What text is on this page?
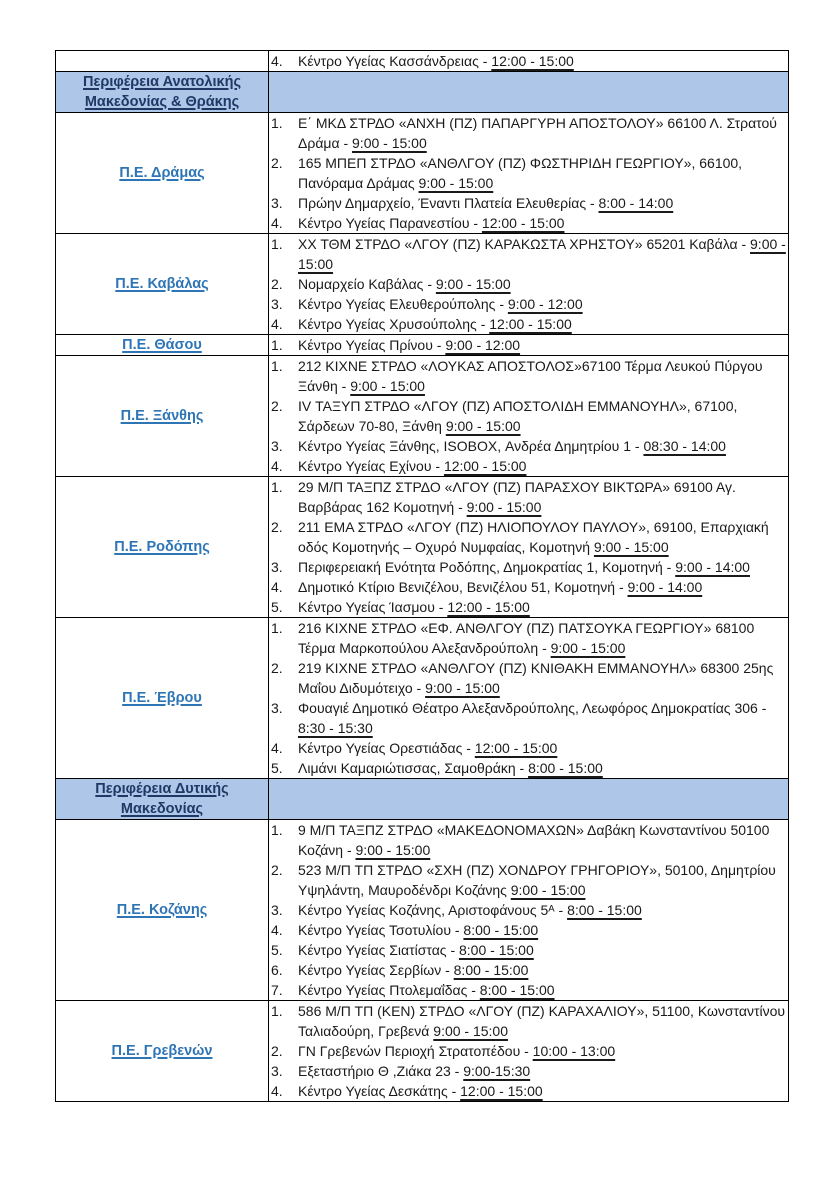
	4. Κέντρο Υγείας Κασσάνδρειας - 12:00 - 15:00

Περιφέρεια Ανατολικής Μακεδονίας & Θράκης	
Π.Ε. Δράμας	
1.	Ε΄ ΜΚΔ ΣΤΡΔΟ «ΑΝΧΗ (ΠΖ) ΠΑΠΑΡΓΥΡΗ ΑΠΟΣΤΟΛΟΥ» 66100 Λ. Στρατού Δράμα - 9:00 - 15:00
2.	165 ΜΠΕΠ ΣΤΡΔΟ «ΑΝΘΛΓΟΥ (ΠΖ) ΦΩΣΤΗΡΙΔΗ ΓΕΩΡΓΙΟΥ», 66100, Πανόραμα Δράμας 9:00 - 15:00
3.	Πρώην Δημαρχείο, Έναντι Πλατεία Ελευθερίας - 8:00 - 14:00
4.	Κέντρο Υγείας Παρανεστίου - 12:00 - 15:00

Π.Ε. Καβάλας	
1.	ΧΧ ΤΘΜ ΣΤΡΔΟ «ΛΓΟΥ (ΠΖ) ΚΑΡΑΚΩΣΤΑ ΧΡΗΣΤΟΥ» 65201 Καβάλα - 9:00 - 15:00
2.	Νομαρχείο Καβάλας - 9:00 - 15:00
3.	Κέντρο Υγείας Ελευθερούπολης - 9:00 - 12:00
4.	Κέντρο Υγείας Χρυσούπολης - 12:00 - 15:00

Π.Ε. Θάσου	1. Κέντρο Υγείας Πρίνου - 9:00 - 12:00

Π.Ε. Ξάνθης	
1.	212 ΚΙΧΝΕ ΣΤΡΔΟ «ΛΟΥΚΑΣ ΑΠΟΣΤΟΛΟΣ»67100 Τέρμα Λευκού Πύργου Ξάνθη - 9:00 - 15:00
2.	IV ΤΑΞΥΠ ΣΤΡΔΟ «ΛΓΟΥ (ΠΖ) ΑΠΟΣΤΟΛΙΔΗ ΕΜΜΑΝΟΥΗΛ», 67100, Σάρδεων 70-80, Ξάνθη 9:00 - 15:00
3.	Κέντρο Υγείας Ξάνθης, ISOBOX, Ανδρέα Δημητρίου 1 - 08:30 - 14:00
4.	Κέντρο Υγείας Εχίνου - 12:00 - 15:00

Π.Ε. Ροδόπης	
1.	29 Μ/Π ΤΑΞΠΖ ΣΤΡΔΟ «ΛΓΟΥ (ΠΖ) ΠΑΡΑΣΧΟΥ ΒΙΚΤΩΡΑ» 69100 Αγ. Βαρβάρας 162 Κομοτηνή - 9:00 - 15:00
2.	211 ΕΜΑ ΣΤΡΔΟ «ΛΓΟΥ (ΠΖ) ΗΛΙΟΠΟΥΛΟΥ ΠΑΥΛΟΥ», 69100, Επαρχιακή οδός Κομοτηνής – Οχυρό Νυμφαίας, Κομοτηνή 9:00 - 15:00
3.	Περιφερειακή Ενότητα Ροδόπης, Δημοκρατίας 1, Κομοτηνή - 9:00 - 14:00
4.	Δημοτικό Κτίριο Βενιζέλου, Βενιζέλου 51, Κομοτηνή - 9:00 - 14:00
5.	Κέντρο Υγείας Ίασμου - 12:00 - 15:00

Π.Ε. Έβρου	
1.	216 ΚΙΧΝΕ ΣΤΡΔΟ «ΕΦ. ΑΝΘΛΓΟΥ (ΠΖ) ΠΑΤΣΟΥΚΑ ΓΕΩΡΓΙΟΥ» 68100 Τέρμα Μαρκοπούλου Αλεξανδρούπολη - 9:00 - 15:00
2.	219 ΚΙΧΝΕ ΣΤΡΔΟ «ΑΝΘΛΓΟΥ (ΠΖ) ΚΝΙΘΑΚΗ ΕΜΜΑΝΟΥΗΛ» 68300 25ης Μαΐου Διδυμότειχο - 9:00 - 15:00
3.	Φουαγιέ Δημοτικό Θέατρο Αλεξανδρούπολης, Λεωφόρος Δημοκρατίας 306 - 8:30 - 15:30
4.	Κέντρο Υγείας Ορεστιάδας - 12:00 - 15:00
5.	Λιμάνι Καμαριώτισσας, Σαμοθράκη - 8:00 - 15:00

Περιφέρεια Δυτικής Μακεδονίας	
Π.Ε. Κοζάνης	
1.	9 Μ/Π ΤΑΞΠΖ ΣΤΡΔΟ «ΜΑΚΕΔΟΝΟΜΑΧΩΝ» Δαβάκη Κωνσταντίνου 50100 Κοζάνη - 9:00 - 15:00
2.	523 Μ/Π ΤΠ ΣΤΡΔΟ «ΣΧΗ (ΠΖ) ΧΟΝΔΡΟΥ ΓΡΗΓΟΡΙΟΥ», 50100, Δημητρίου Υψηλάντη, Μαυροδένδρι Κοζάνης 9:00 - 15:00
3.	Κέντρο Υγείας Κοζάνης, Αριστοφάνους 5ᴬ - 8:00 - 15:00
4.	Κέντρο Υγείας Τσοτυλίου - 8:00 - 15:00
5.	Κέντρο Υγείας Σιατίστας - 8:00 - 15:00
6.	Κέντρο Υγείας Σερβίων - 8:00 - 15:00
7.	Κέντρο Υγείας Πτολεμαΐδας - 8:00 - 15:00

Π.Ε. Γρεβενών	
1.	586 Μ/Π ΤΠ (ΚΕΝ) ΣΤΡΔΟ «ΛΓΟΥ (ΠΖ) ΚΑΡΑΧΑΛΙΟΥ», 51100, Κωνσταντίνου Ταλιαδούρη, Γρεβενά 9:00 - 15:00
2.	ΓΝ Γρεβενών Περιοχή Στρατοπέδου - 10:00 - 13:00
3.	Εξεταστήριο Θ ,Ζιάκα 23 - 9:00-15:30
4.	Κέντρο Υγείας Δεσκάτης - 12:00 - 15:00
